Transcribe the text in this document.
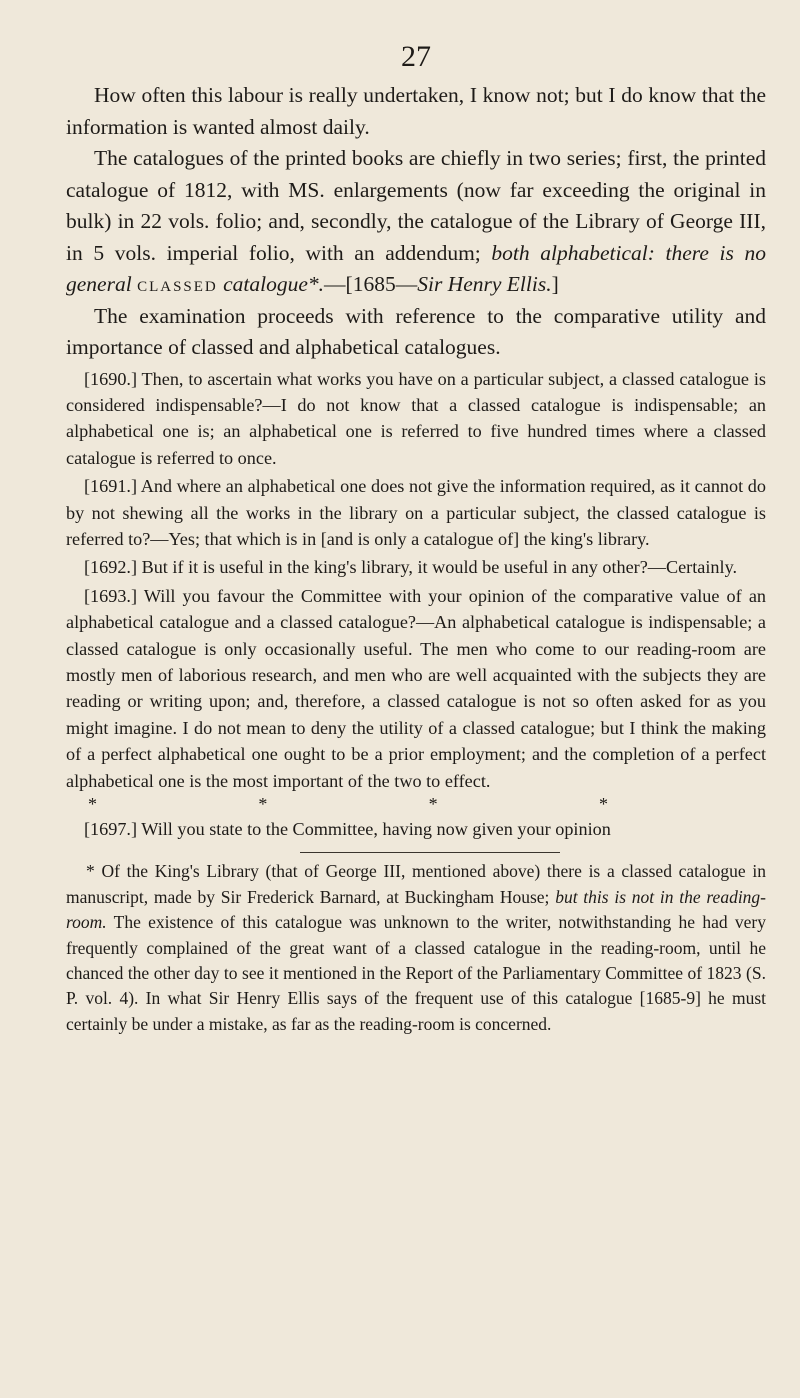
27

How often this labour is really undertaken, I know not; but I do know that the information is wanted almost daily.

The catalogues of the printed books are chiefly in two series; first, the printed catalogue of 1812, with MS. enlargements (now far exceeding the original in bulk) in 22 vols. folio; and, secondly, the catalogue of the Library of George III, in 5 vols. imperial folio, with an addendum; both alphabetical: there is no general classed catalogue*.—[1685—Sir Henry Ellis.]

The examination proceeds with reference to the comparative utility and importance of classed and alphabetical catalogues.

[1690.] Then, to ascertain what works you have on a particular subject, a classed catalogue is considered indispensable?—I do not know that a classed catalogue is indispensable; an alphabetical one is; an alphabetical one is referred to five hundred times where a classed catalogue is referred to once.

[1691.] And where an alphabetical one does not give the information required, as it cannot do by not shewing all the works in the library on a particular subject, the classed catalogue is referred to?—Yes; that which is in [and is only a catalogue of] the king's library.

[1692.] But if it is useful in the king's library, it would be useful in any other?—Certainly.

[1693.] Will you favour the Committee with your opinion of the comparative value of an alphabetical catalogue and a classed catalogue?—An alphabetical catalogue is indispensable; a classed catalogue is only occasionally useful. The men who come to our reading-room are mostly men of laborious research, and men who are well acquainted with the subjects they are reading or writing upon; and, therefore, a classed catalogue is not so often asked for as you might imagine. I do not mean to deny the utility of a classed catalogue; but I think the making of a perfect alphabetical one ought to be a prior employment; and the completion of a perfect alphabetical one is the most important of the two to effect.

*	*	*	*

[1697.] Will you state to the Committee, having now given your opinion

* Of the King's Library (that of George III, mentioned above) there is a classed catalogue in manuscript, made by Sir Frederick Barnard, at Buckingham House; but this is not in the reading-room. The existence of this catalogue was unknown to the writer, notwithstanding he had very frequently complained of the great want of a classed catalogue in the reading-room, until he chanced the other day to see it mentioned in the Report of the Parliamentary Committee of 1823 (S. P. vol. 4). In what Sir Henry Ellis says of the frequent use of this catalogue [1685-9] he must certainly be under a mistake, as far as the reading-room is concerned.
